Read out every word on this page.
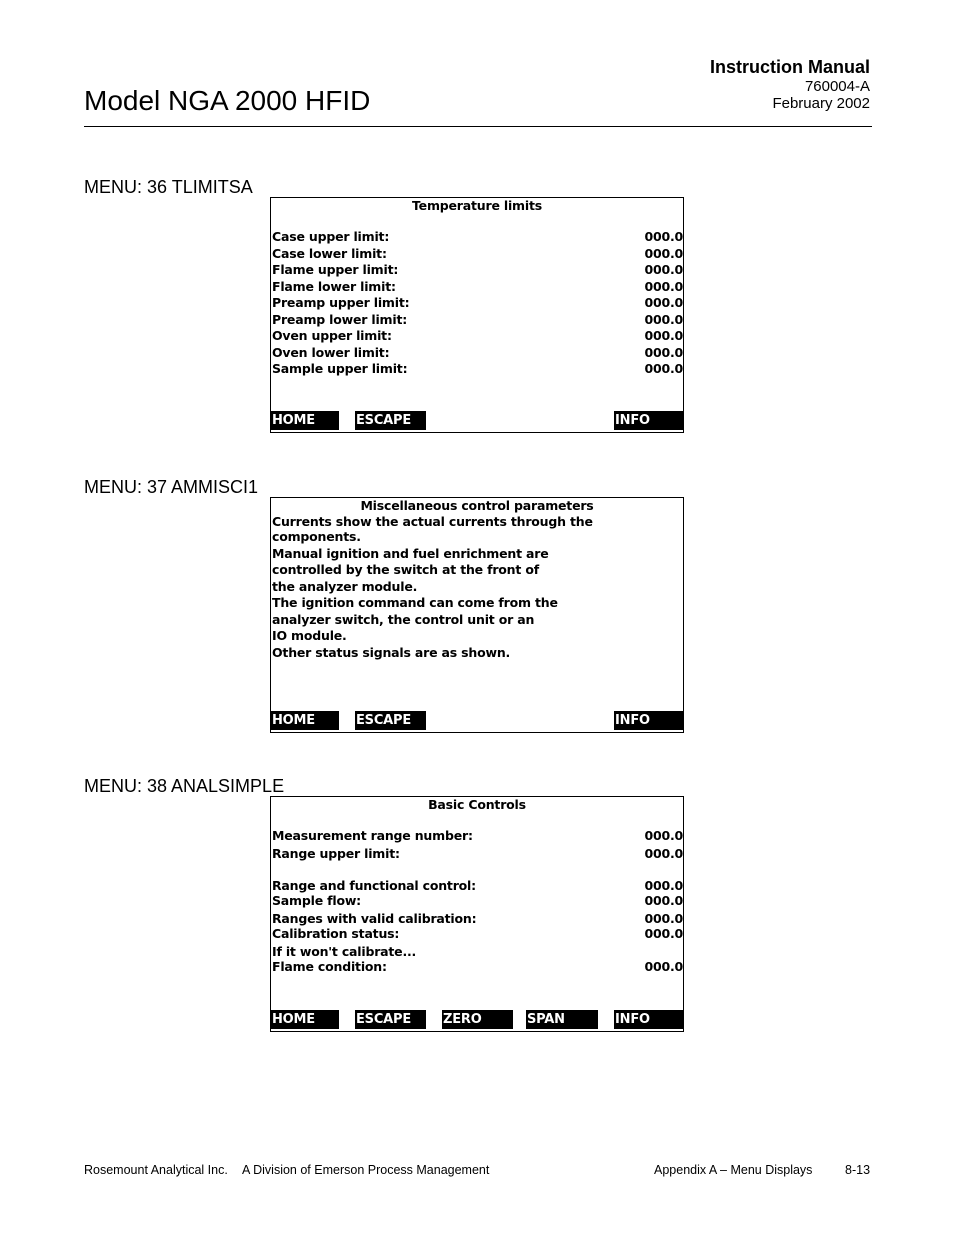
Model NGA 2000 HFID
Instruction Manual
760004-A
February 2002
MENU: 36 TLIMITSA
Temperature limits
Case upper limit:	000.0
Case lower limit:	000.0
Flame upper limit:	000.0
Flame lower limit:	000.0
Preamp upper limit:	000.0
Preamp lower limit:	000.0
Oven upper limit:	000.0
Oven lower limit:	000.0
Sample upper limit:	000.0
HOME	ESCAPE	INFO
MENU: 37 AMMISCI1
Miscellaneous control parameters
Currents show the actual currents through the
components.
Manual ignition and fuel enrichment are
controlled by the switch at the front of
the analyzer module.
The ignition command can come from the
analyzer switch, the control unit or an
IO module.
Other status signals are as shown.
HOME	ESCAPE	INFO
MENU: 38 ANALSIMPLE
Basic Controls
Measurement range number:	000.0
Range upper limit:	000.0
Range and functional control:	000.0
Sample flow:	000.0
Ranges with valid calibration:	000.0
Calibration status:	000.0
If it won't calibrate...
Flame condition:	000.0
HOME	ESCAPE	ZERO	SPAN	INFO
Rosemount Analytical Inc. A Division of Emerson Process Management	Appendix A – Menu Displays	8-13
